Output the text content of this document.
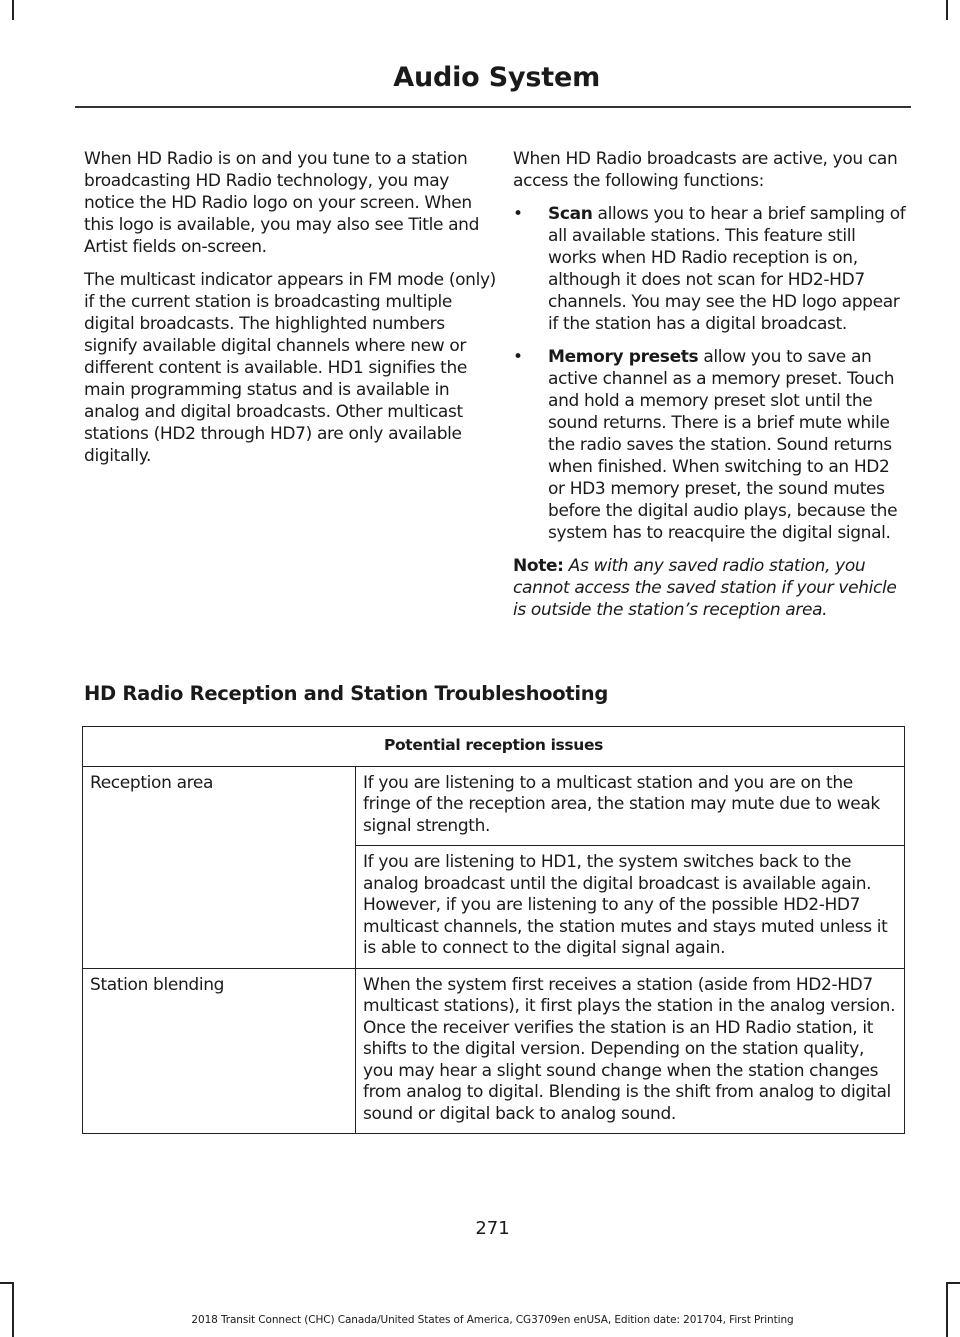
Audio System

When HD Radio is on and you tune to a station broadcasting HD Radio technology, you may notice the HD Radio logo on your screen. When this logo is available, you may also see Title and Artist fields on-screen.

The multicast indicator appears in FM mode (only) if the current station is broadcasting multiple digital broadcasts. The highlighted numbers signify available digital channels where new or different content is available. HD1 signifies the main programming status and is available in analog and digital broadcasts. Other multicast stations (HD2 through HD7) are only available digitally.

When HD Radio broadcasts are active, you can access the following functions:

• Scan allows you to hear a brief sampling of all available stations. This feature still works when HD Radio reception is on, although it does not scan for HD2-HD7 channels. You may see the HD logo appear if the station has a digital broadcast.
• Memory presets allow you to save an active channel as a memory preset. Touch and hold a memory preset slot until the sound returns. There is a brief mute while the radio saves the station. Sound returns when finished. When switching to an HD2 or HD3 memory preset, the sound mutes before the digital audio plays, because the system has to reacquire the digital signal.

Note: As with any saved radio station, you cannot access the saved station if your vehicle is outside the station’s reception area.

HD Radio Reception and Station Troubleshooting
Potential reception issues	
Reception area	If you are listening to a multicast station and you are on the fringe of the reception area, the station may mute due to weak signal strength.
	If you are listening to HD1, the system switches back to the analog broadcast until the digital broadcast is available again. However, if you are listening to any of the possible HD2-HD7 multicast channels, the station mutes and stays muted unless it is able to connect to the digital signal again.
Station blending	When the system first receives a station (aside from HD2-HD7 multicast stations), it first plays the station in the analog version. Once the receiver verifies the station is an HD Radio station, it shifts to the digital version. Depending on the station quality, you may hear a slight sound change when the station changes from analog to digital. Blending is the shift from analog to digital sound or digital back to analog sound.
271
2018 Transit Connect (CHC) Canada/United States of America, CG3709en enUSA, Edition date: 201704, First Printing
